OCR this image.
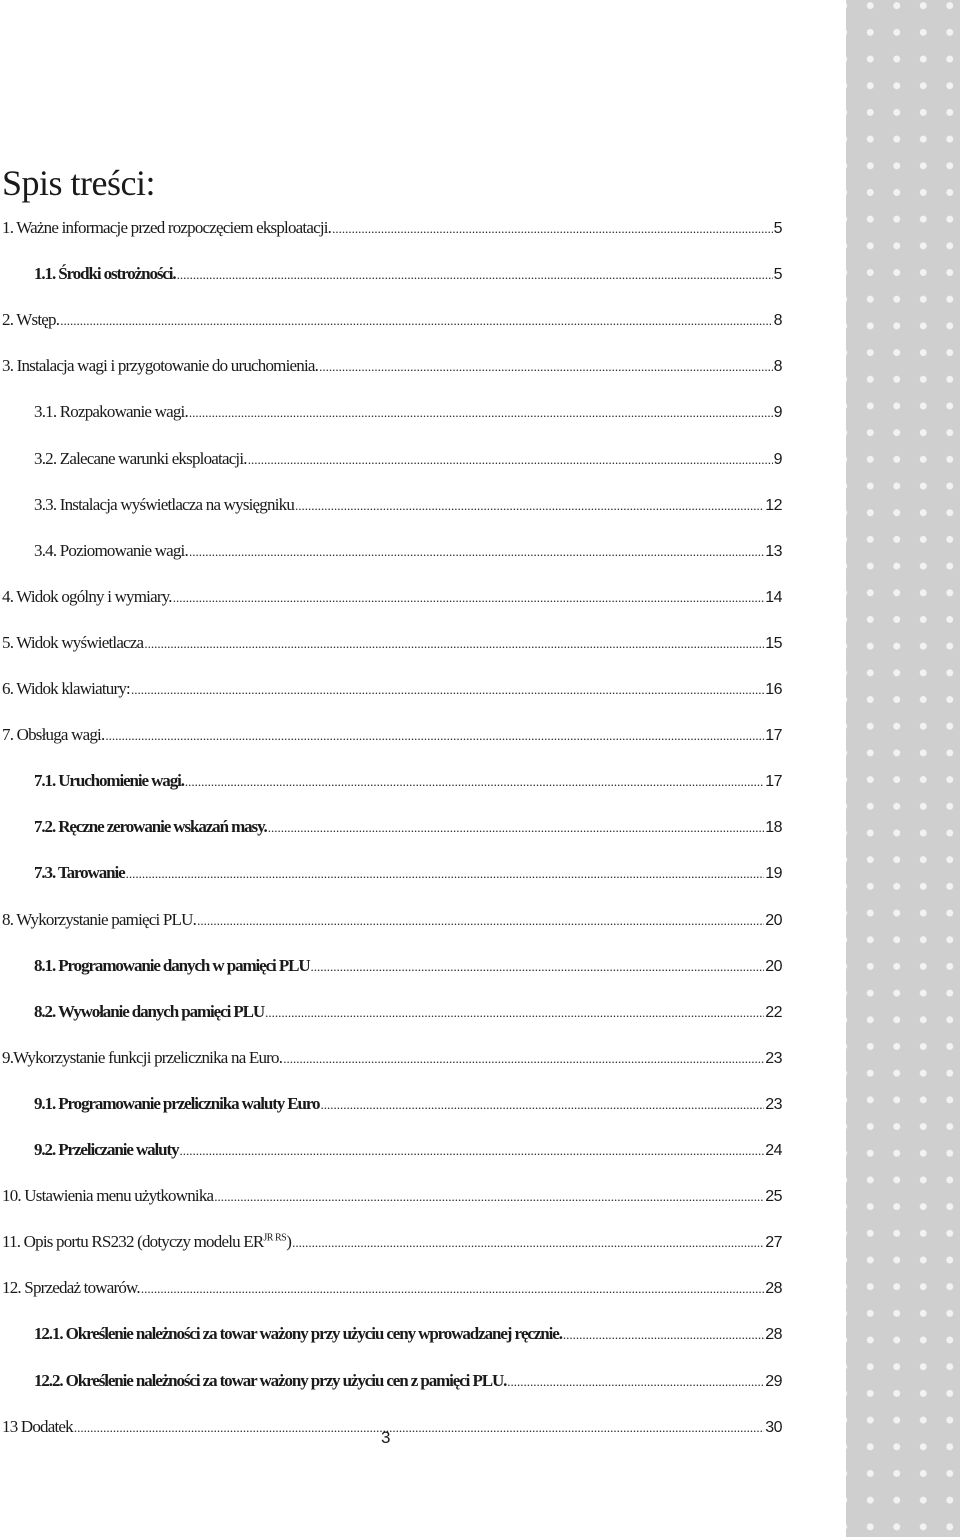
Spis treści:
1. Ważne informacje przed rozpoczęciem eksploatacji. .....	5
1.1. Środki ostrożności. .....	5
2. Wstęp. .....	8
3. Instalacja wagi i przygotowanie do uruchomienia. .....	8
3.1. Rozpakowanie wagi. .....	9
3.2. Zalecane warunki eksploatacji. .....	9
3.3. Instalacja wyświetlacza na wysięgniku .....	12
3.4. Poziomowanie wagi. .....	13
4. Widok ogólny i wymiary. .....	14
5. Widok wyświetlacza .....	15
6. Widok klawiatury: .....	16
7. Obsługa wagi. .....	17
7.1. Uruchomienie wagi. .....	17
7.2. Ręczne zerowanie wskazań masy. .....	18
7.3. Tarowanie .....	19
8. Wykorzystanie pamięci PLU. .....	20
8.1. Programowanie danych w pamięci PLU .....	20
8.2. Wywołanie danych pamięci PLU .....	22
9.Wykorzystanie funkcji przelicznika na Euro. .....	23
9.1. Programowanie przelicznika waluty Euro .....	23
9.2. Przeliczanie waluty .....	24
10. Ustawienia menu użytkownika .....	25
11. Opis portu RS232 (dotyczy modelu $ER^{JR RS}$) .....	27
12. Sprzedaż towarów. .....	28
12.1. Określenie należności za towar ważony przy użyciu ceny wprowadzanej ręcznie. .....	28
12.2. Określenie należności za towar ważony przy użyciu cen z pamięci PLU. .....	29
13 Dodatek .....	30
3
